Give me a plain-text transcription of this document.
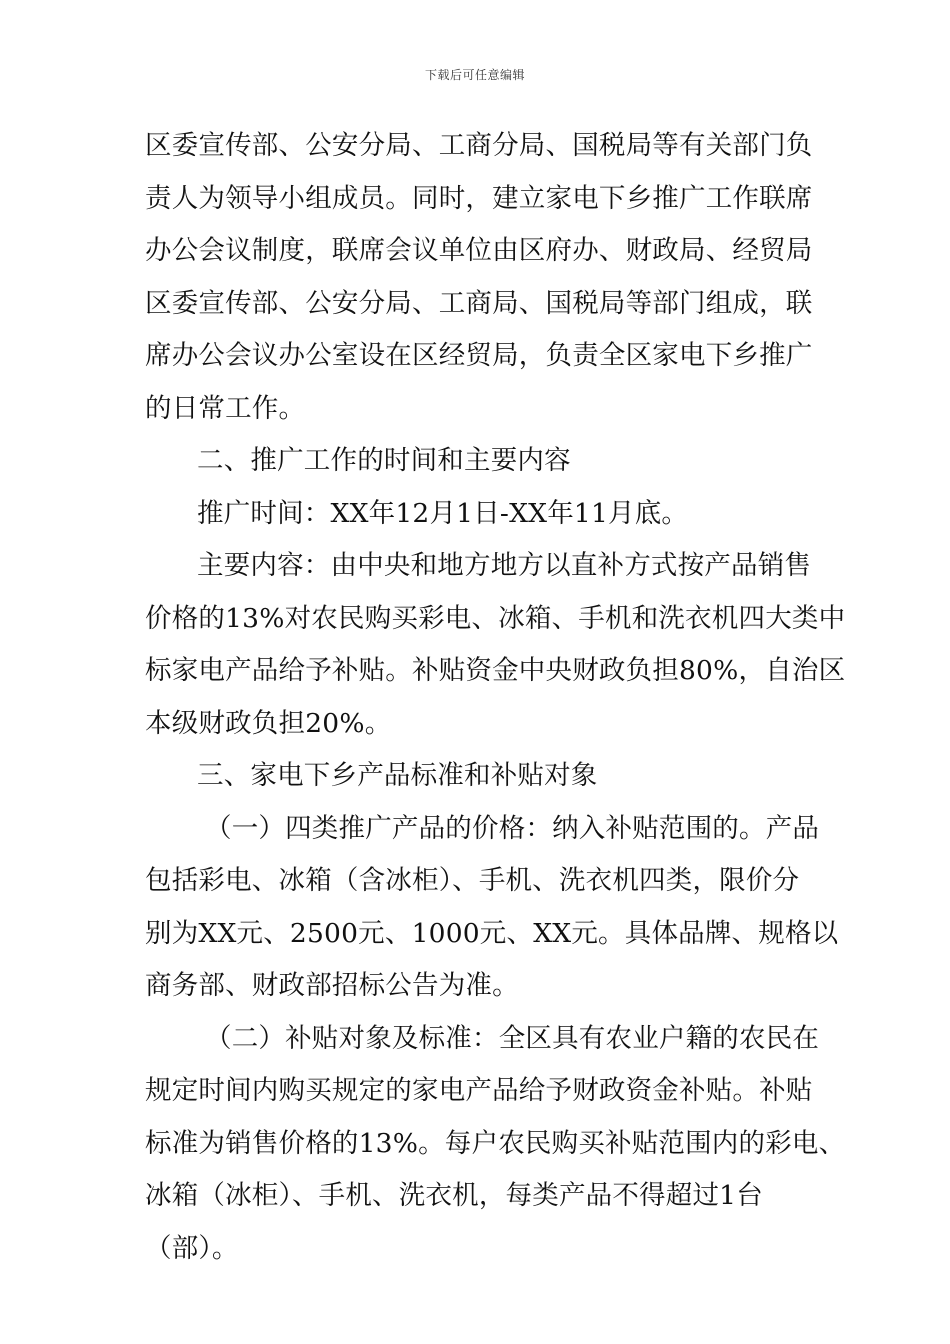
下载后可任意编辑
区委宣传部、公安分局、工商分局、国税局等有关部门负
责人为领导小组成员。同时，建立家电下乡推广工作联席
办公会议制度，联席会议单位由区府办、财政局、经贸局
区委宣传部、公安分局、工商局、国税局等部门组成，联
席办公会议办公室设在区经贸局，负责全区家电下乡推广
的日常工作。
二、推广工作的时间和主要内容
推广时间：XX年12月1日-XX年11月底。
主要内容：由中央和地方地方以直补方式按产品销售
价格的13%对农民购买彩电、冰箱、手机和洗衣机四大类中
标家电产品给予补贴。补贴资金中央财政负担80%，自治区
本级财政负担20%。
三、家电下乡产品标准和补贴对象
（一）四类推广产品的价格：纳入补贴范围的。产品
包括彩电、冰箱（含冰柜）、手机、洗衣机四类，限价分
别为XX元、2500元、1000元、XX元。具体品牌、规格以
商务部、财政部招标公告为准。
（二）补贴对象及标准：全区具有农业户籍的农民在
规定时间内购买规定的家电产品给予财政资金补贴。补贴
标准为销售价格的13%。每户农民购买补贴范围内的彩电、
冰箱（冰柜）、手机、洗衣机，每类产品不得超过1台
（部）。
